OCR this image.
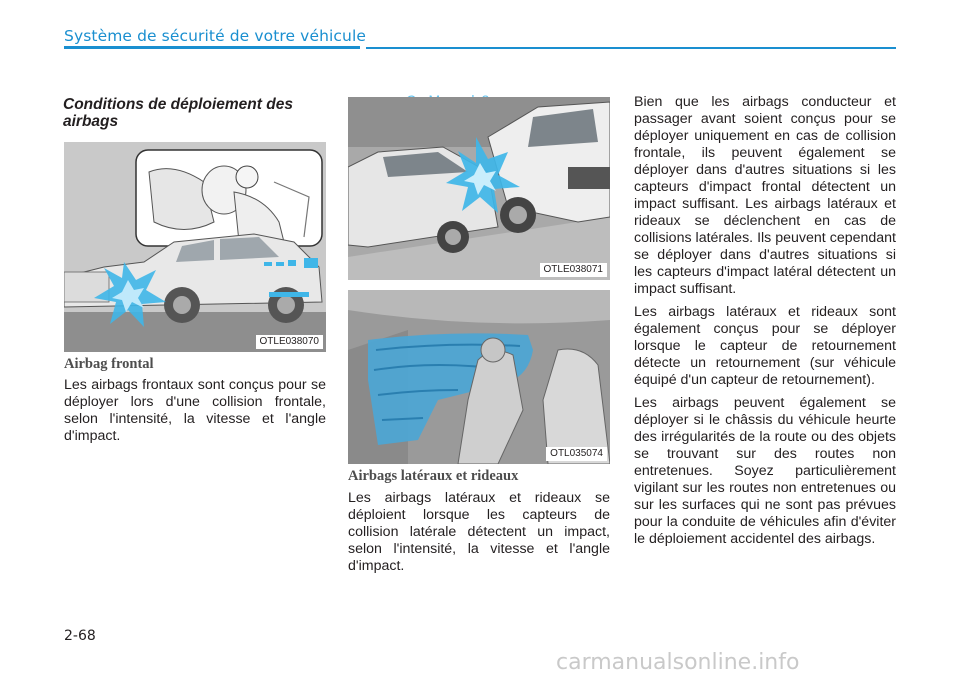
Système de sécurité de votre véhicule
Conditions de déploiement des airbags
OTLE038070
Airbag frontal

Les airbags frontaux sont conçus pour se déployer lors d'une collision frontale, selon l'intensité, la vitesse et l'angle d'impact.

OTLE038071
OTL035074
Airbags latéraux et rideaux

Les airbags latéraux et rideaux se déploient lorsque les capteurs de collision latérale détectent un impact, selon l'intensité, la vitesse et l'angle d'impact.

Bien que les airbags conducteur et passager avant soient conçus pour se déployer uniquement en cas de collision frontale, ils peuvent également se déployer dans d'autres situations si les capteurs d'impact frontal détectent un impact suffisant. Les airbags latéraux et rideaux se déclenchent en cas de collisions latérales. Ils peuvent cependant se déployer dans d'autres situations si les capteurs d'impact latéral détectent un impact suffisant.

Les airbags latéraux et rideaux sont également conçus pour se déployer lorsque le capteur de retournement détecte un retournement (sur véhicule équipé d'un capteur de retournement).

Les airbags peuvent également se déployer si le châssis du véhicule heurte des irrégularités de la route ou des objets se trouvant sur des routes non entretenues. Soyez particulièrement vigilant sur les routes non entretenues ou sur les surfaces qui ne sont pas prévues pour la conduite de véhicules afin d'éviter le déploiement accidentel des airbags.

2-68
carmanualsonline.info
